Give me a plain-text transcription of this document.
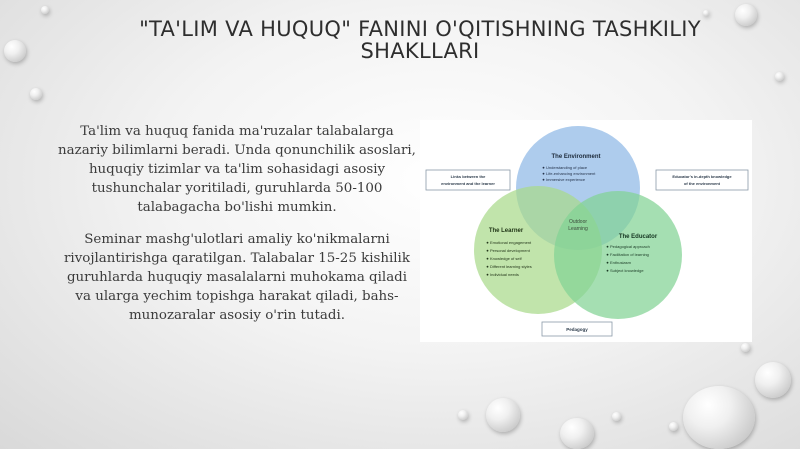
"TA'LIM VA HUQUQ" FANINI O'QITISHNING TASHKILIY
SHAKLLARI

Ta'lim va huquq fanida ma'ruzalar talabalarga nazariy bilimlarni beradi. Unda qonunchilik asoslari, huquqiy tizimlar va ta'lim sohasidagi asosiy tushunchalar yoritiladi, guruhlarda 50-100 talabagacha bo'lishi mumkin.

Seminar mashg'ulotlari amaliy ko'nikmalarni rivojlantirishga qaratilgan. Talabalar 15-25 kishilik guruhlarda huquqiy masalalarni muhokama qiladi va ularga yechim topishga harakat qiladi, bahs-munozaralar asosiy o'rin tutadi.

The Environment
Understanding of place
Life-enhancing environment
Immersive experience
The Learner
Emotional engagement
Personal development
Knowledge of self
Different learning styles
Individual needs
The Educator
Pedagogical approach
Facilitation of learning
Enthusiasm
Subject knowledge
Outdoor
Learning
Links between the
environment and the learner
Educator's in-depth knowledge
of the environment
Pedagogy
